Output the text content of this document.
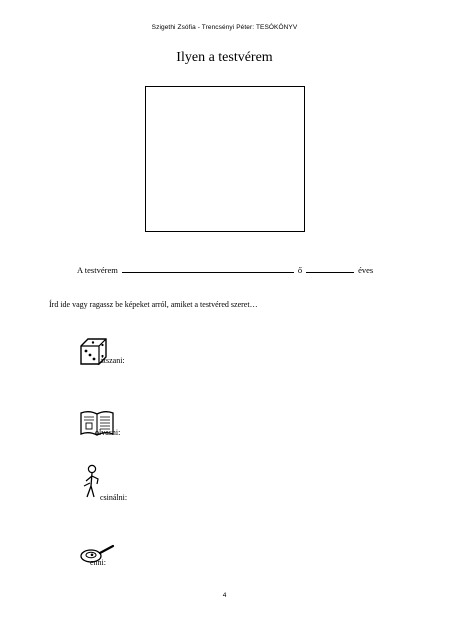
Szigethi Zsófia - Trencsényi Péter: TESÓKÖNYV
Ilyen a testvérem
A testvérem	ő	éves
Írd ide vagy ragassz be képeket arról, amiket a testvéred szeret…
játszani:
olvasni:
csinálni:
enni:
4
